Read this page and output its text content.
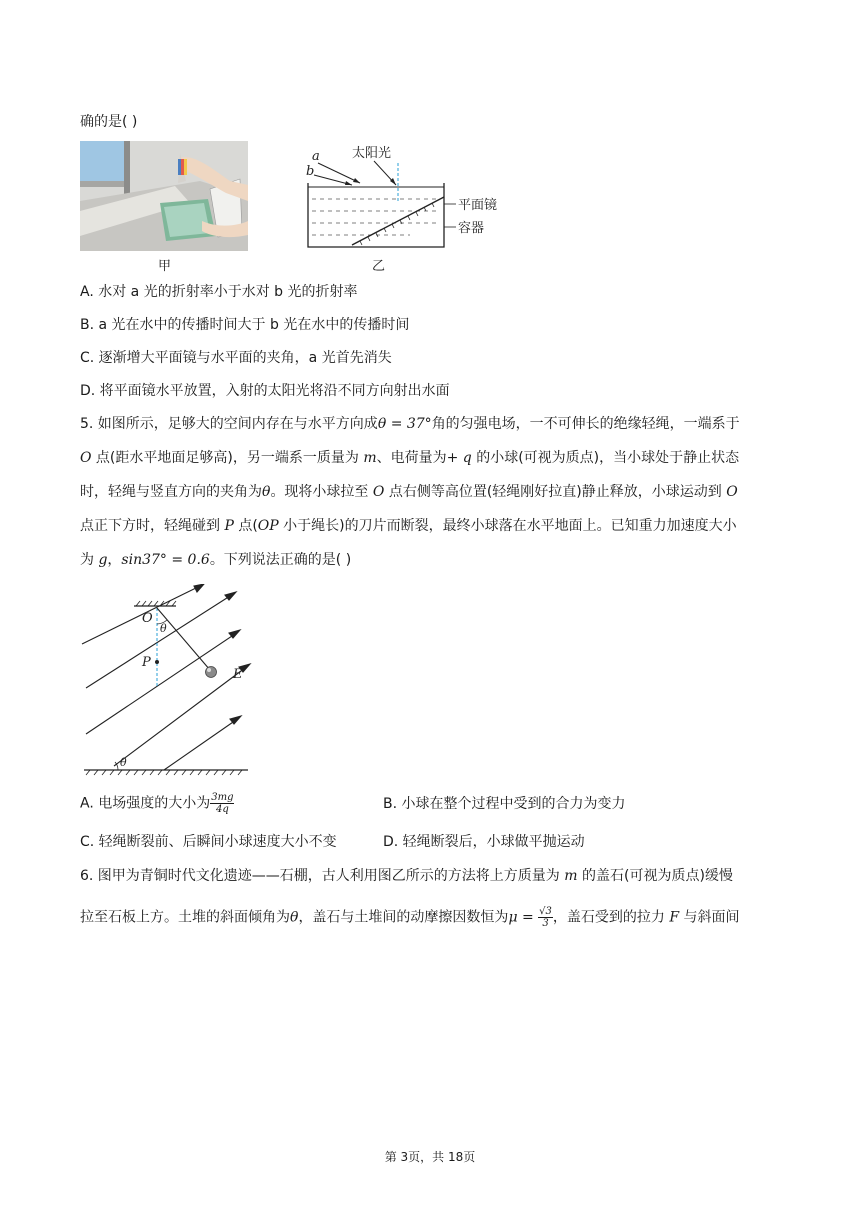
确的是( )
甲
a
b
太阳光
平面镜
容器
乙
A. 水对 a 光的折射率小于水对 b 光的折射率
B. a 光在水中的传播时间大于 b 光在水中的传播时间
C. 逐渐增大平面镜与水平面的夹角，a 光首先消失
D. 将平面镜水平放置，入射的太阳光将沿不同方向射出水面
5. 如图所示，足够大的空间内存在与水平方向成θ = 37°角的匀强电场，一不可伸长的绝缘轻绳，一端系于
O 点(距水平地面足够高)，另一端系一质量为 m、电荷量为+ q 的小球(可视为质点)，当小球处于静止状态
时，轻绳与竖直方向的夹角为θ。现将小球拉至 O 点右侧等高位置(轻绳刚好拉直)静止释放，小球运动到 O
点正下方时，轻绳碰到 P 点(OP 小于绳长)的刀片而断裂，最终小球落在水平地面上。已知重力加速度大小
为 g，sin37° = 0.6。下列说法正确的是( )
O
θ
P
E
θ
A. 电场强度的大小为 $\frac{3mg}{4q}$	B. 小球在整个过程中受到的合力为变力
C. 轻绳断裂前、后瞬间小球速度大小不变	D. 轻绳断裂后，小球做平抛运动
6. 图甲为青铜时代文化遗迹——石棚，古人利用图乙所示的方法将上方质量为 m 的盖石(可视为质点)缓慢
拉至石板上方。土堆的斜面倾角为θ，盖石与土堆间的动摩擦因数恒为$\mu = \frac{√3}{3}$ ，盖石受到的拉力 F 与斜面间
第 3页，共 18页
